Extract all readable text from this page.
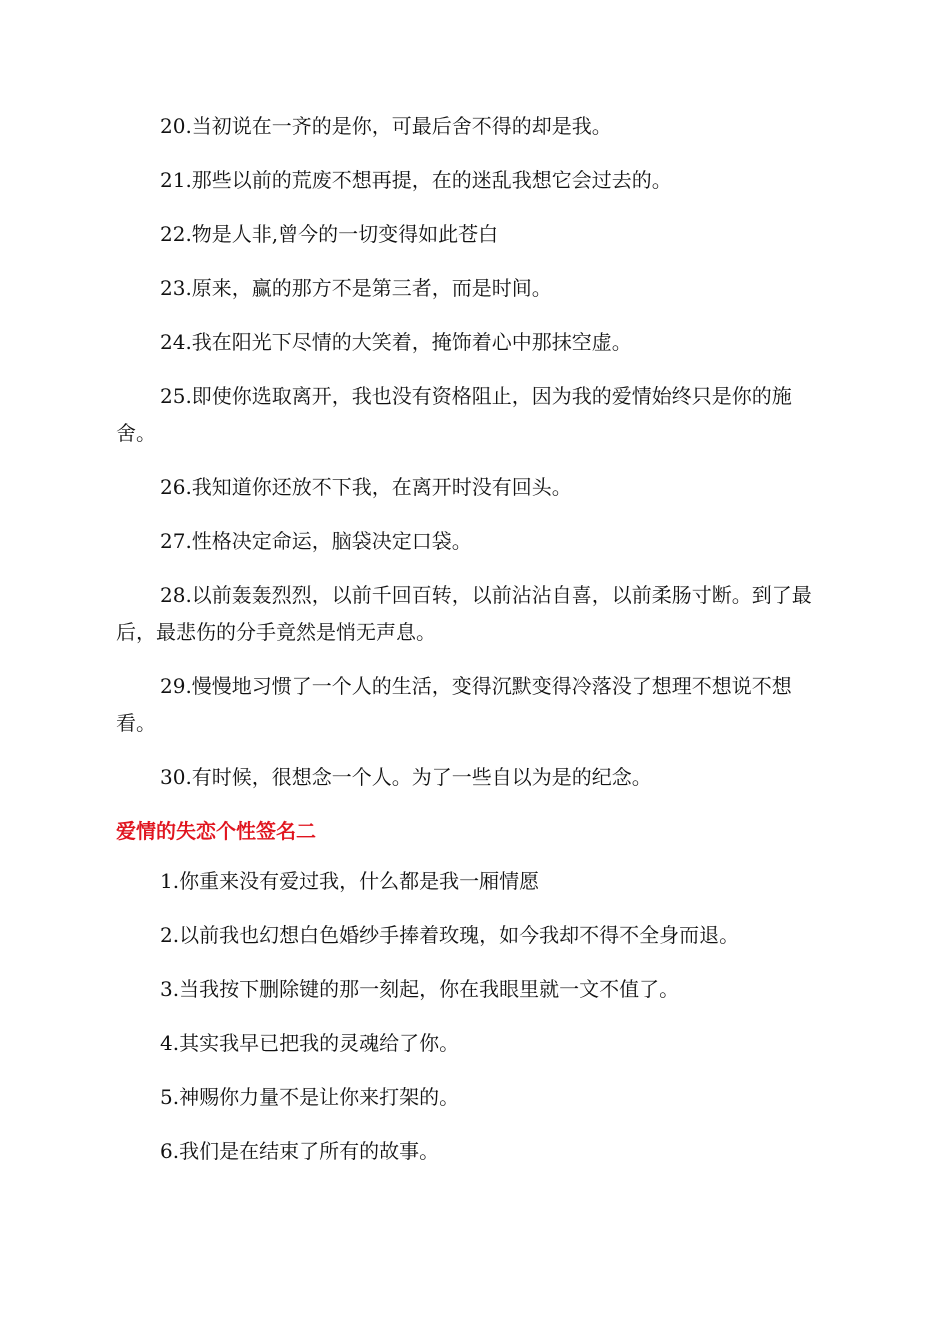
20.当初说在一齐的是你，可最后舍不得的却是我。

21.那些以前的荒废不想再提，在的迷乱我想它会过去的。

22.物是人非,曾今的一切变得如此苍白

23.原来，赢的那方不是第三者，而是时间。

24.我在阳光下尽情的大笑着，掩饰着心中那抹空虚。

25.即使你选取离开，我也没有资格阻止，因为我的爱情始终只是你的施舍。

26.我知道你还放不下我，在离开时没有回头。

27.性格决定命运，脑袋决定口袋。

28.以前轰轰烈烈，以前千回百转，以前沾沾自喜，以前柔肠寸断。到了最后，最悲伤的分手竟然是悄无声息。

29.慢慢地习惯了一个人的生活，变得沉默变得冷落没了想理不想说不想看。

30.有时候，很想念一个人。为了一些自以为是的纪念。

爱情的失恋个性签名二

1.你重来没有爱过我，什么都是我一厢情愿

2.以前我也幻想白色婚纱手捧着玫瑰，如今我却不得不全身而退。

3.当我按下删除键的那一刻起，你在我眼里就一文不值了。

4.其实我早已把我的灵魂给了你。

5.神赐你力量不是让你来打架的。

6.我们是在结束了所有的故事。
